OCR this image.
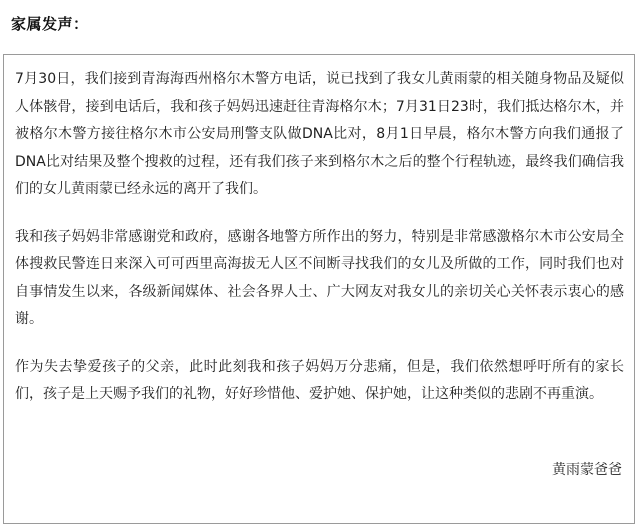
家属发声：

7月30日，我们接到青海海西州格尔木警方电话，说已找到了我女儿黄雨蒙的相关随身物品及疑似人体骸骨，接到电话后，我和孩子妈妈迅速赶往青海格尔木；7月31日23时，我们抵达格尔木，并被格尔木警方接往格尔木市公安局刑警支队做DNA比对，8月1日早晨，格尔木警方向我们通报了DNA比对结果及整个搜救的过程，还有我们孩子来到格尔木之后的整个行程轨迹，最终我们确信我们的女儿黄雨蒙已经永远的离开了我们。

我和孩子妈妈非常感谢党和政府，感谢各地警方所作出的努力，特别是非常感激格尔木市公安局全体搜救民警连日来深入可可西里高海拔无人区不间断寻找我们的女儿及所做的工作，同时我们也对自事情发生以来，各级新闻媒体、社会各界人士、广大网友对我女儿的亲切关心关怀表示衷心的感谢。

作为失去挚爱孩子的父亲，此时此刻我和孩子妈妈万分悲痛，但是，我们依然想呼吁所有的家长们，孩子是上天赐予我们的礼物，好好珍惜他、爱护她、保护她，让这种类似的悲剧不再重演。

黄雨蒙爸爸
